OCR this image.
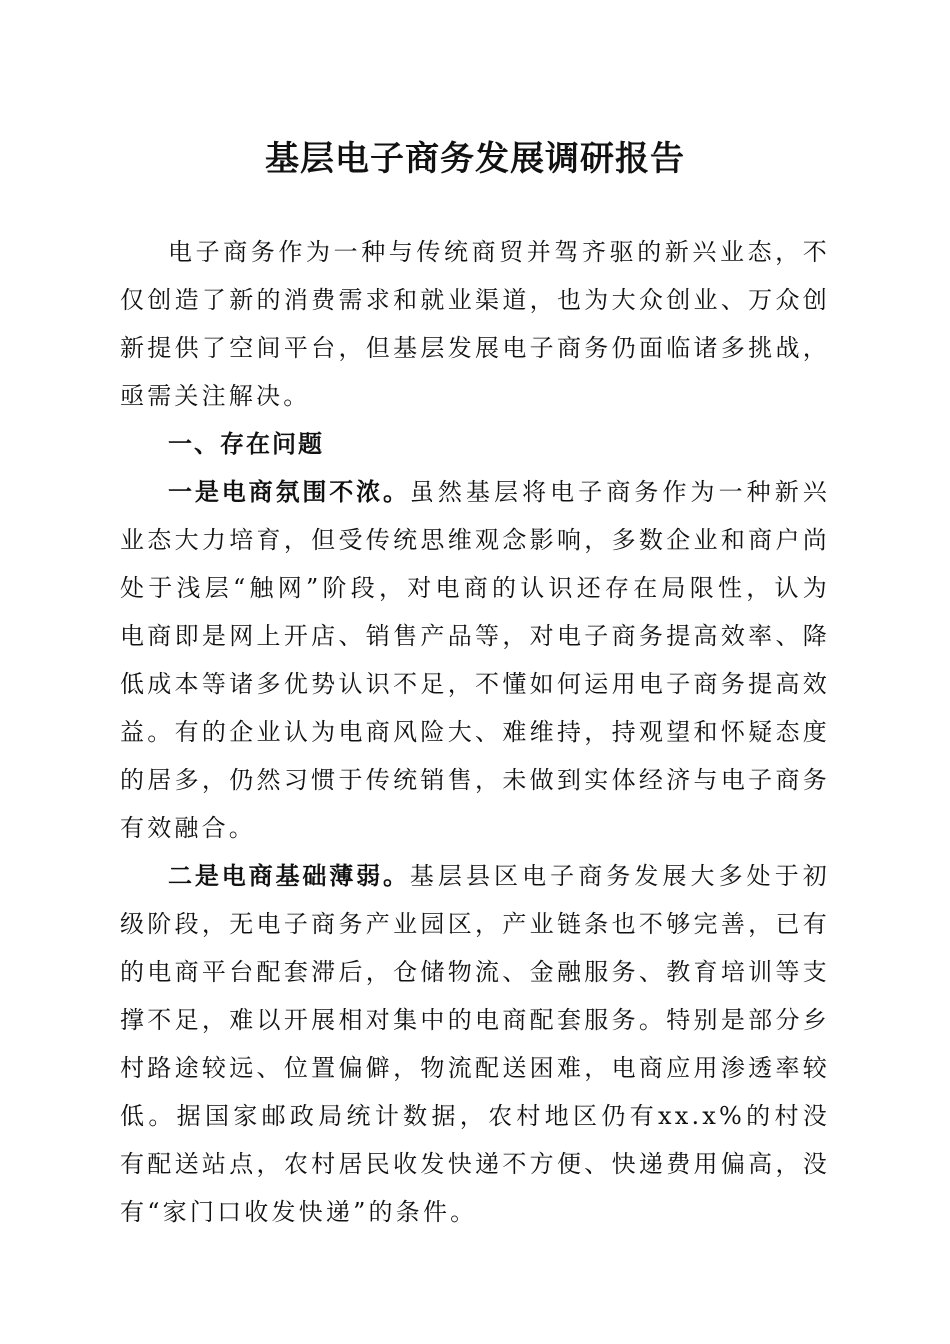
基层电子商务发展调研报告

电子商务作为一种与传统商贸并驾齐驱的新兴业态，不仅创造了新的消费需求和就业渠道，也为大众创业、万众创新提供了空间平台，但基层发展电子商务仍面临诸多挑战，亟需关注解决。

一、存在问题

一是电商氛围不浓。虽然基层将电子商务作为一种新兴业态大力培育，但受传统思维观念影响，多数企业和商户尚处于浅层“触网”阶段，对电商的认识还存在局限性，认为电商即是网上开店、销售产品等，对电子商务提高效率、降低成本等诸多优势认识不足，不懂如何运用电子商务提高效益。有的企业认为电商风险大、难维持，持观望和怀疑态度的居多，仍然习惯于传统销售，未做到实体经济与电子商务有效融合。

二是电商基础薄弱。基层县区电子商务发展大多处于初级阶段，无电子商务产业园区，产业链条也不够完善，已有的电商平台配套滞后，仓储物流、金融服务、教育培训等支撑不足，难以开展相对集中的电商配套服务。特别是部分乡村路途较远、位置偏僻，物流配送困难，电商应用渗透率较低。据国家邮政局统计数据，农村地区仍有xx.x%的村没有配送站点，农村居民收发快递不方便、快递费用偏高，没有“家门口收发快递”的条件。
